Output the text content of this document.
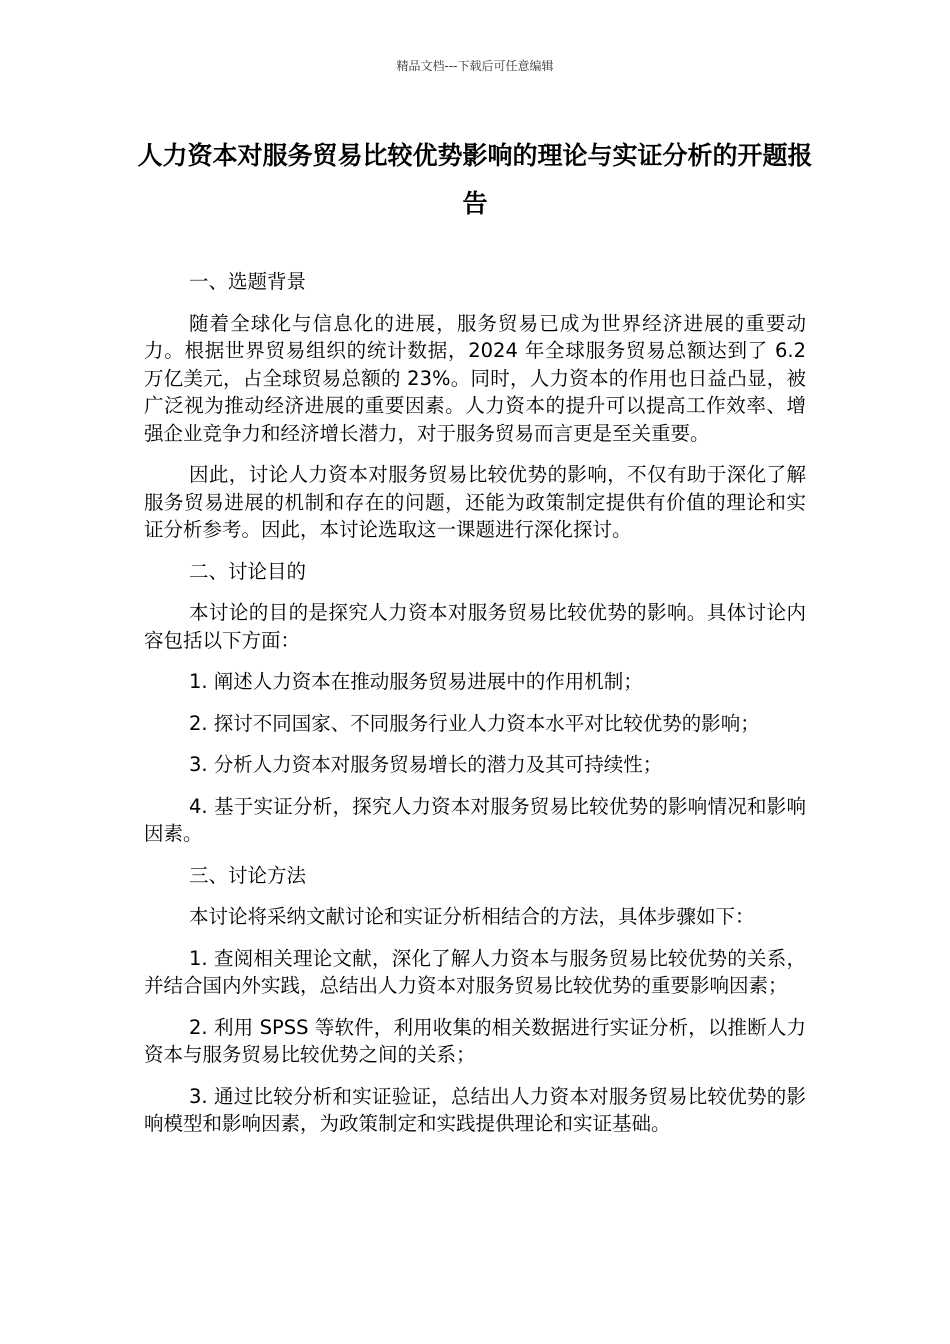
精品文档---下载后可任意编辑
人力资本对服务贸易比较优势影响的理论与实证分析的开题报告

一、选题背景

随着全球化与信息化的进展，服务贸易已成为世界经济进展的重要动力。根据世界贸易组织的统计数据，2024 年全球服务贸易总额达到了 6.2 万亿美元，占全球贸易总额的 23%。同时，人力资本的作用也日益凸显，被广泛视为推动经济进展的重要因素。人力资本的提升可以提高工作效率、增强企业竞争力和经济增长潜力，对于服务贸易而言更是至关重要。

因此，讨论人力资本对服务贸易比较优势的影响，不仅有助于深化了解服务贸易进展的机制和存在的问题，还能为政策制定提供有价值的理论和实证分析参考。因此，本讨论选取这一课题进行深化探讨。

二、讨论目的

本讨论的目的是探究人力资本对服务贸易比较优势的影响。具体讨论内容包括以下方面：

1. 阐述人力资本在推动服务贸易进展中的作用机制；

2. 探讨不同国家、不同服务行业人力资本水平对比较优势的影响；

3. 分析人力资本对服务贸易增长的潜力及其可持续性；

4. 基于实证分析，探究人力资本对服务贸易比较优势的影响情况和影响因素。

三、讨论方法

本讨论将采纳文献讨论和实证分析相结合的方法，具体步骤如下：

1. 查阅相关理论文献，深化了解人力资本与服务贸易比较优势的关系，并结合国内外实践，总结出人力资本对服务贸易比较优势的重要影响因素；

2. 利用 SPSS 等软件，利用收集的相关数据进行实证分析，以推断人力资本与服务贸易比较优势之间的关系；

3. 通过比较分析和实证验证，总结出人力资本对服务贸易比较优势的影响模型和影响因素，为政策制定和实践提供理论和实证基础。
